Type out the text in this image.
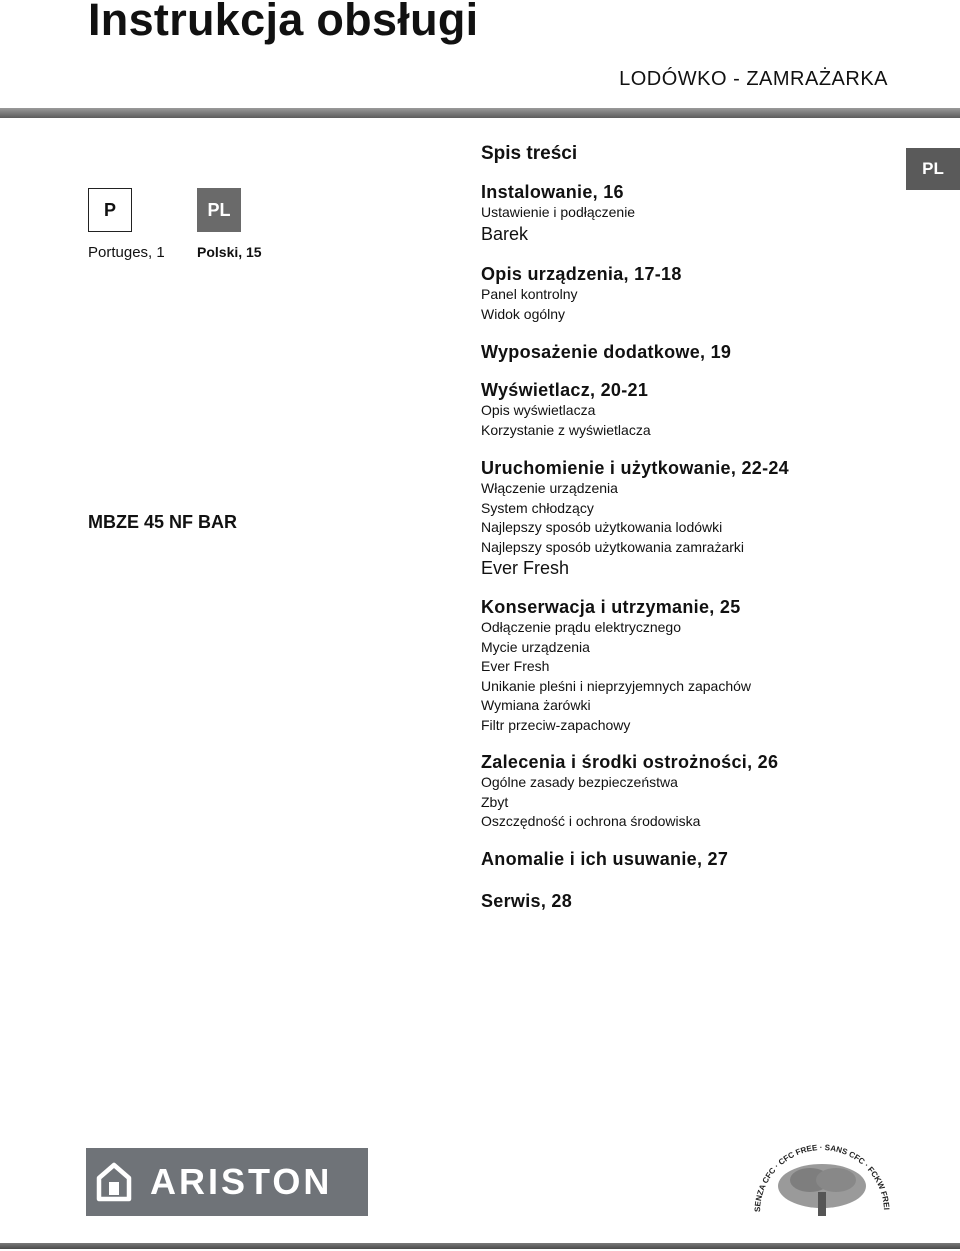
Instrukcja obsługi
LODÓWKO - ZAMRAŻARKA
PL
P	PL
Portuges, 1 Polski, 15
MBZE 45 NF BAR
Spis treści
Instalowanie, 16
Ustawienie i podłączenie
Barek
Opis urządzenia, 17-18
Panel kontrolny
Widok ogólny
Wyposażenie dodatkowe, 19
Wyświetlacz, 20-21
Opis wyświetlacza
Korzystanie z wyświetlacza
Uruchomienie i użytkowanie, 22-24
Włączenie urządzenia
System chłodzący
Najlepszy sposób użytkowania lodówki
Najlepszy sposób użytkowania zamrażarki
Ever Fresh
Konserwacja i utrzymanie, 25
Odłączenie prądu elektrycznego
Mycie urządzenia
Ever Fresh
Unikanie pleśni i nieprzyjemnych zapachów
Wymiana żarówki
Filtr przeciw-zapachowy
Zalecenia i środki ostrożności, 26
Ogólne zasady bezpieczeństwa
Zbyt
Oszczędność i ochrona środowiska
Anomalie i ich usuwanie, 27
Serwis, 28
ARISTON
SENZA CFC · CFC FREE · SANS CFC · FCKW FREI
